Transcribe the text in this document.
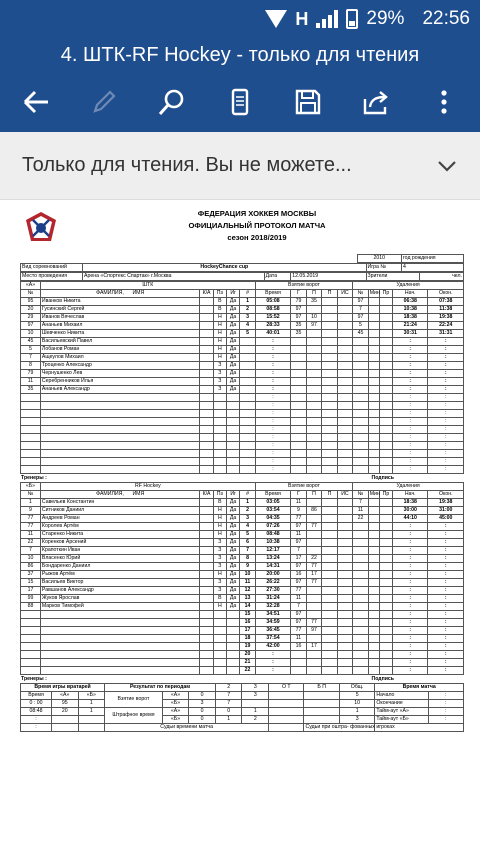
H	29% 22:56
4. ШТК-RF Hockey - только для чтения
Только для чтения. Вы не можете...
ФЕДЕРАЦИЯ ХОККЕЯ МОСКВЫ
ОФИЦИАЛЬНЫЙ ПРОТОКОЛ МАТЧА
сезон 2018/2019
	2010	год рождения
Вид соревнований	HockeyChance cup	Игра №	4
Место проведения	Арена «Спортекс Спартак» г.Москва	Дата	12.05.2019	Зрители	чел.
«А»	ШТК					Взятие ворот					Удаления				
№	ФАМИЛИЯ, ИМЯ	К/А	Пз	Иг	#	Время	Г	П	П	ИС	№	Мин	Пр	Нач.	Окон.
95	Иванков Никита		В	Да	1	05:08	79	35			97			06:38	07:38
20	Гусинский Сергей		В	Да	2	08:58	97				7			10:38	11:38
29	Иванов Вячеслав		Н	Да	3	15:52	97	10			97			18:38	19:38
97	Ананьев Михаил		Н	Да	4	28:33	35	97			5			21:24	22:24
10	Шевченко Никита		Н	Да	5	40:01	35				45			30:31	31:31
45	Васильевский Павел		Н	Да		:								:	:
5	Лобанов Роман		Н	Да		:								:	:
7	Ащеулов Михаил		Н	Да		:								:	:
8	Троценко Александр		З	Да		:								:	:
79	Чернушенко Лев		З	Да		:								:	:
11	Серебренников Илья		З	Да		:								:	:
35	Ананьев Александр		З	Да		:								:	:
						:								:	:
						:								:	:
						:								:	:
						:								:	:
						:								:	:
						:								:	:
						:								:	:
						:								:	:
						:								:	:
						:								:	:
Тренеры :	Подпись
«Б»	RF Hockey					Взятие ворот					Удаления				
№	ФАМИЛИЯ, ИМЯ	К/А	Пз	Иг	#	Время	Г	П	П	ИС	№	Мин	Пр	Нач.	Окон.
1	Савельев Константин		В	Да	1	03:05	11				7			18:38	19:38
9	Ситников Даниил		Н	Да	2	03:54	9	86			11			30:00	31:00
77	Андреев Роман		Н	Да	3	04:35	77				22			44:10	45:00
77	Королев Артём		Н	Да	4	07:26	97	77						:	:
11	Старенко Никита		Н	Да	5	08:48	11							:	:
22	Коренков Арсений		З	Да	6	10:38	97							:	:
7	Крапоткин Иван		З	Да	7	12:17	7							:	:
10	Власенко Юрий		З	Да	8	13:24	17	22						:	:
86	Бондаренко Даниил		З	Да	9	14:31	97	77						:	:
37	Рыжов Артём		Н	Да	10	20:00	16	17						:	:
15	Васильев Виктор		З	Да	11	26:22	97	77						:	:
17	Равшанов Александр		З	Да	12	27:30	77							:	:
99	Жуков Ярослав		В	Да	13	31:24	11							:	:
88	Марков Тимофей		Н	Да	14	32:28	7							:	:
					15	34:51	97							:	:
					16	34:59	97	77						:	:
					17	36:45	77	97						:	:
					18	37:54	11							:	:
					19	42:00	16	17						:	:
					20	:								:	:
					21	:								:	:
					22	:								:	:
Тренеры :	Подпись
Время игры вратарей			Результат по периодам			2	3	О Т	Б П	Общ.	Время матча	
Время	«А»	«Б»	Взятие ворот	«А»	0	7	3			5	Начало	:
0 : 00	95	1		«Б»	3	7				10	Окончание	:
08:48	20	1	Штрафное время	«А»	0	0	1			1	Тайм-аут «А»	:
:				«Б»	0	1	2			3	Тайм-аут «Б»	:
:			Судьи времени матча						Судьи при оштра- фованных игроках			
